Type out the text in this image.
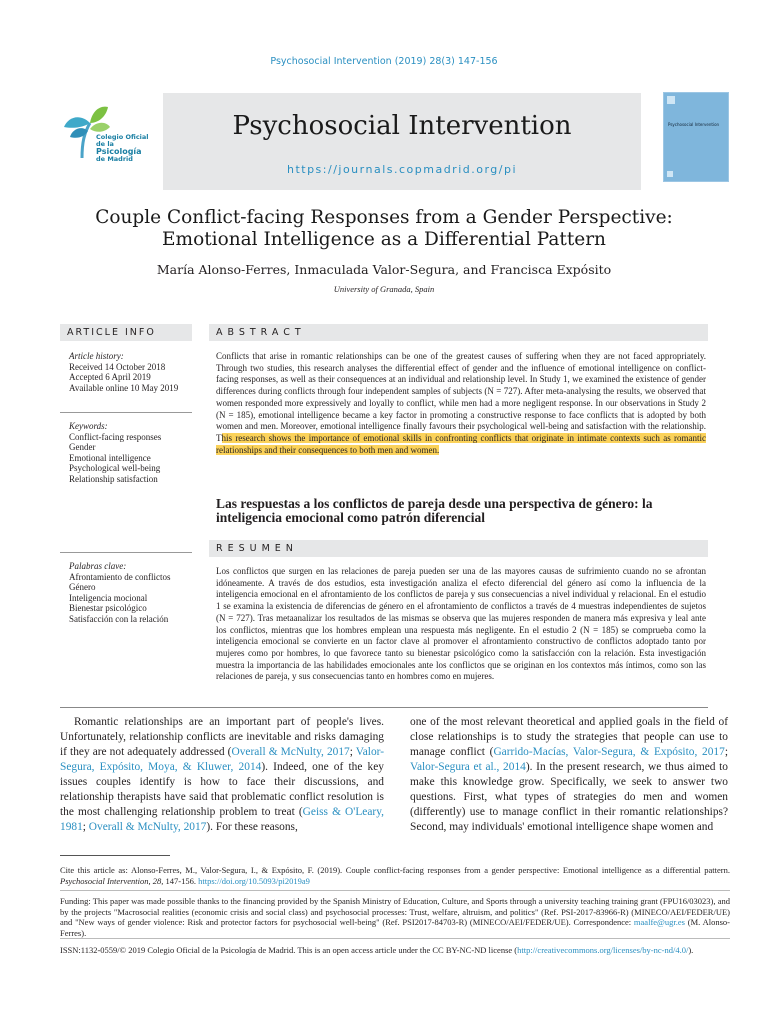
Psychosocial Intervention (2019) 28(3) 147-156
Colegio Oficial
de la Psicología
de Madrid
Psychosocial Intervention
https://journals.copmadrid.org/pi
Psychosocial Intervention
Couple Conflict-facing Responses from a Gender Perspective: Emotional Intelligence as a Differential Pattern
María Alonso-Ferres, Inmaculada Valor-Segura, and Francisca Expósito
University of Granada, Spain
ARTICLE INFO
Article history:
Received 14 October 2018
Accepted 6 April 2019
Available online 10 May 2019
Keywords:
Conflict-facing responses
Gender
Emotional intelligence
Psychological well-being
Relationship satisfaction
Palabras clave:
Afrontamiento de conflictos
Género
Inteligencia mocional
Bienestar psicológico
Satisfacción con la relación
ABSTRACT
Conflicts that arise in romantic relationships can be one of the greatest causes of suffering when they are not faced appropriately. Through two studies, this research analyses the differential effect of gender and the influence of emotional intelligence on conflict-facing responses, as well as their consequences at an individual and relationship level. In Study 1, we examined the existence of gender differences during conflicts through four independent samples of subjects (N = 727). After meta-analysing the results, we observed that women responded more expressively and loyally to conflict, while men had a more negligent response. In our observations in Study 2 (N = 185), emotional intelligence became a key factor in promoting a constructive response to face conflicts that is adopted by both women and men. Moreover, emotional intelligence finally favours their psychological well-being and satisfaction with the relationship. This research shows the importance of emotional skills in confronting conflicts that originate in intimate contexts such as romantic relationships and their consequences to both men and women.
Las respuestas a los conflictos de pareja desde una perspectiva de género: la inteligencia emocional como patrón diferencial
RESUMEN
Los conflictos que surgen en las relaciones de pareja pueden ser una de las mayores causas de sufrimiento cuando no se afrontan idóneamente. A través de dos estudios, esta investigación analiza el efecto diferencial del género así como la influencia de la inteligencia emocional en el afrontamiento de los conflictos de pareja y sus consecuencias a nivel individual y relacional. En el estudio 1 se examina la existencia de diferencias de género en el afrontamiento de conflictos a través de 4 muestras independientes de sujetos (N = 727). Tras metaanalizar los resultados de las mismas se observa que las mujeres responden de manera más expresiva y leal ante los conflictos, mientras que los hombres emplean una respuesta más negligente. En el estudio 2 (N = 185) se comprueba como la inteligencia emocional se convierte en un factor clave al promover el afrontamiento constructivo de conflictos adoptado tanto por mujeres como por hombres, lo que favorece tanto su bienestar psicológico como la satisfacción con la relación. Esta investigación muestra la importancia de las habilidades emocionales ante los conflictos que se originan en los contextos más íntimos, como son las relaciones de pareja, y sus consecuencias tanto en hombres como en mujeres.
Romantic relationships are an important part of people's lives. Unfortunately, relationship conflicts are inevitable and risks damaging if they are not adequately addressed (Overall & McNulty, 2017; Valor-Segura, Expósito, Moya, & Kluwer, 2014). Indeed, one of the key issues couples identify is how to face their discussions, and relationship therapists have said that problematic conflict resolution is the most challenging relationship problem to treat (Geiss & O'Leary, 1981; Overall & McNulty, 2017). For these reasons,
one of the most relevant theoretical and applied goals in the field of close relationships is to study the strategies that people can use to manage conflict (Garrido-Macías, Valor-Segura, & Expósito, 2017; Valor-Segura et al., 2014). In the present research, we thus aimed to make this knowledge grow. Specifically, we seek to answer two questions. First, what types of strategies do men and women (differently) use to manage conflict in their romantic relationships? Second, may individuals' emotional intelligence shape women and
Cite this article as: Alonso-Ferres, M., Valor-Segura, I., & Expósito, F. (2019). Couple conflict-facing responses from a gender perspective: Emotional intelligence as a differential pattern. Psychosocial Intervention, 28, 147-156. https://doi.org/10.5093/pi2019a9
Funding: This paper was made possible thanks to the financing provided by the Spanish Ministry of Education, Culture, and Sports through a university teaching training grant (FPU16/03023), and by the projects "Macrosocial realities (economic crisis and social class) and psychosocial processes: Trust, welfare, altruism, and politics" (Ref. PSI-2017-83966-R) (MINECO/AEI/FEDER/UE) and "New ways of gender violence: Risk and protector factors for psychosocial well-being" (Ref. PSI2017-84703-R) (MINECO/AEI/FEDER/UE). Correspondence: maalfe@ugr.es (M. Alonso-Ferres).
ISSN:1132-0559/© 2019 Colegio Oficial de la Psicología de Madrid. This is an open access article under the CC BY-NC-ND license (http://creativecommons.org/licenses/by-nc-nd/4.0/).
